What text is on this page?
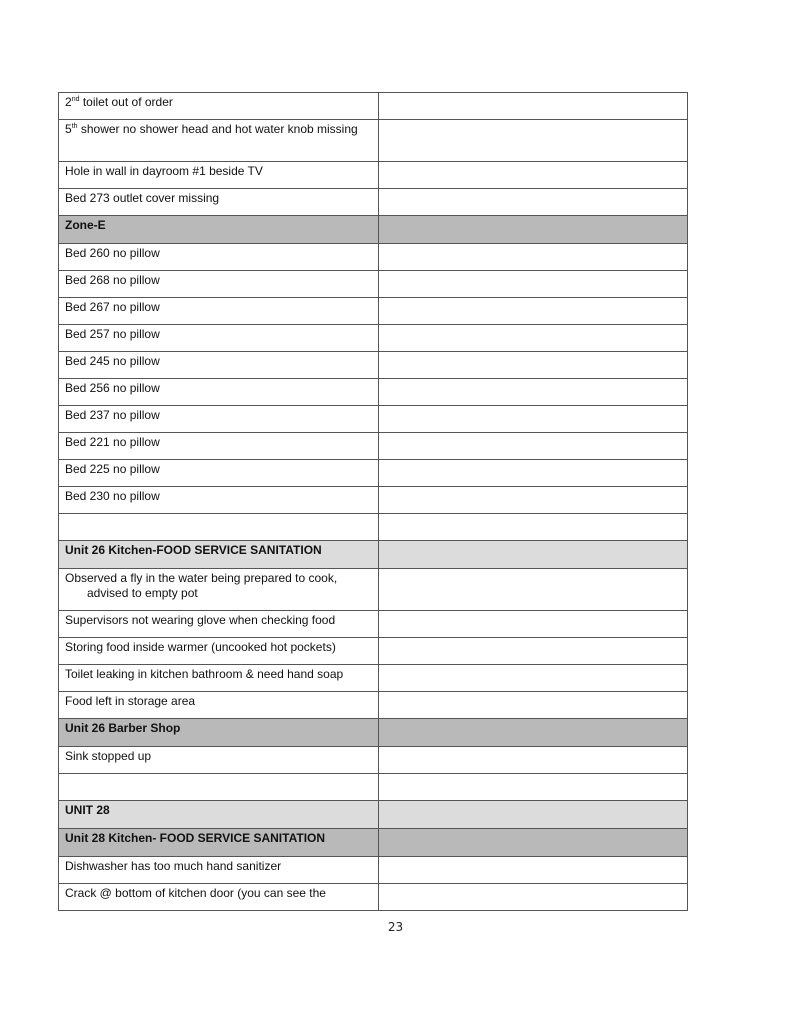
2nd toilet out of order	
5th shower no shower head and hot water knob missing	
Hole in wall in dayroom #1 beside TV	
Bed 273 outlet cover missing	
Zone-E	
Bed 260 no pillow	
Bed 268 no pillow	
Bed 267 no pillow	
Bed 257 no pillow	
Bed 245 no pillow	
Bed 256 no pillow	
Bed 237 no pillow	
Bed 221 no pillow	
Bed 225 no pillow	
Bed 230 no pillow	

Unit 26 Kitchen-FOOD SERVICE SANITATION	
Observed a fly in the water being prepared to cook,
advised to empty pot	

Supervisors not wearing glove when checking food	
Storing food inside warmer (uncooked hot pockets)	
Toilet leaking in kitchen bathroom & need hand soap	
Food left in storage area	
Unit 26 Barber Shop	
Sink stopped up	

UNIT 28	
Unit 28 Kitchen- FOOD SERVICE SANITATION	
Dishwasher has too much hand sanitizer	
Crack @ bottom of kitchen door (you can see the	
23
